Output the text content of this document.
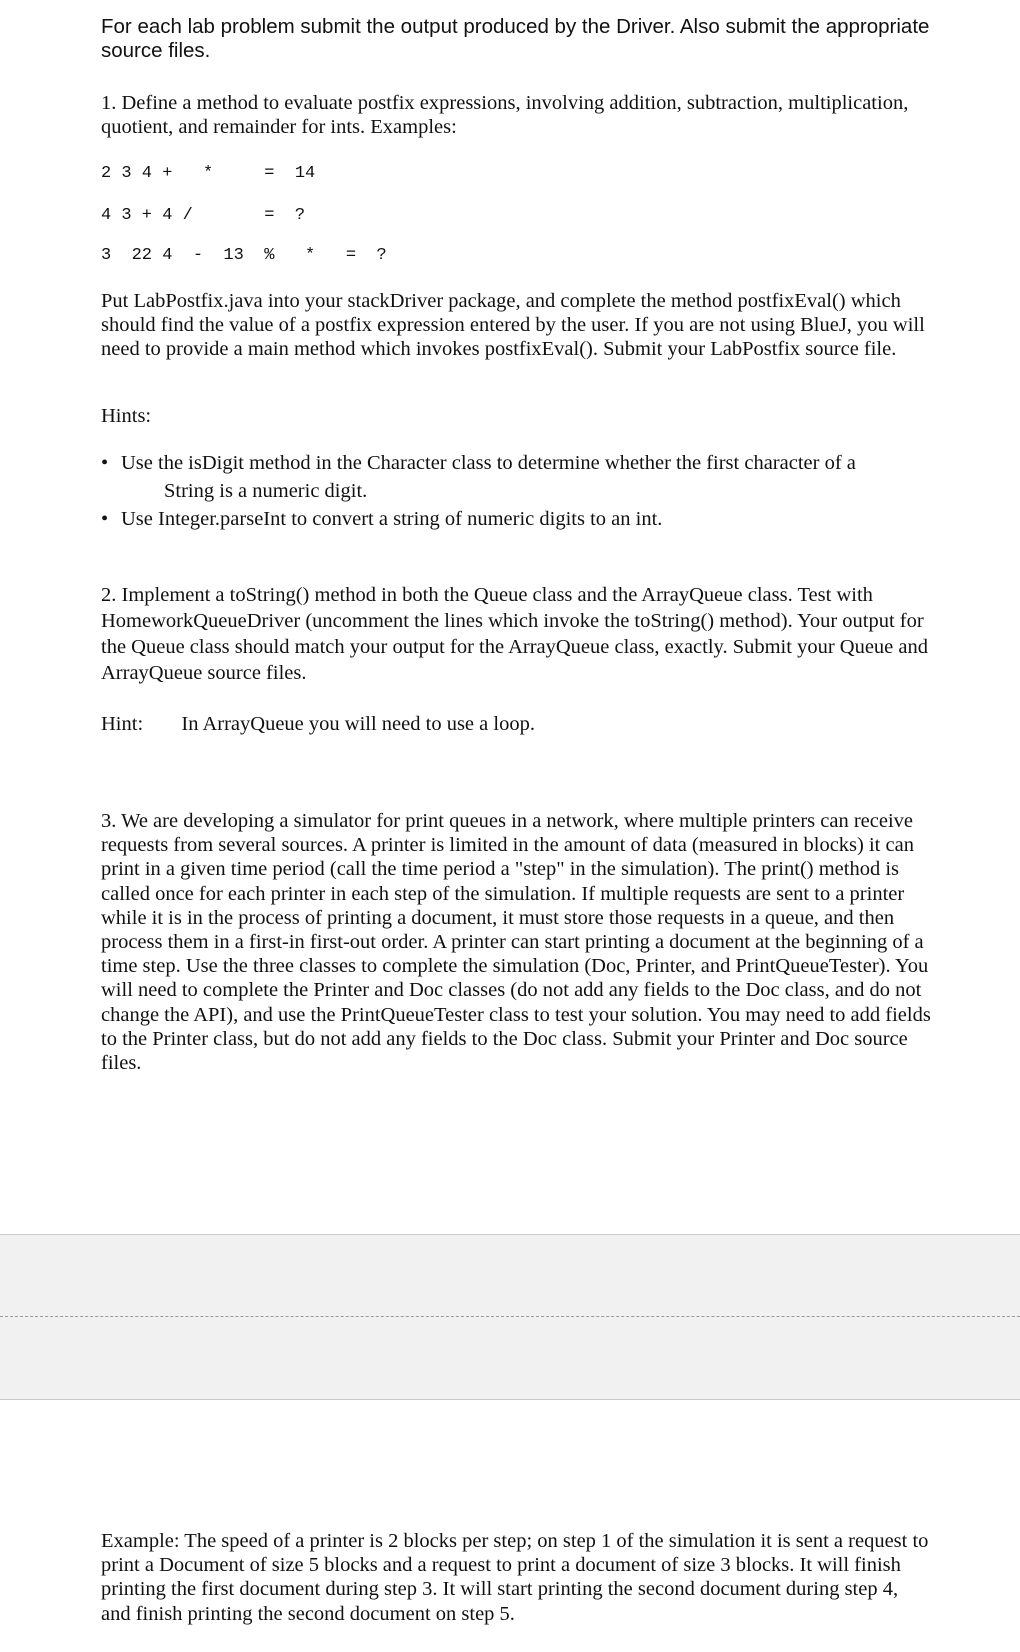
For each lab problem submit the output produced by the Driver. Also submit the appropriate source files.
1. Define a method to evaluate postfix expressions, involving addition, subtraction, multiplication, quotient, and remainder for ints. Examples:
2 3 4 +   *     =  14
4 3 + 4 /       =  ?
3  22 4  -  13  %   *   =  ?
Put LabPostfix.java into your stackDriver package, and complete the method postfixEval() which should find the value of a postfix expression entered by the user. If you are not using BlueJ, you will need to provide a main method which invokes postfixEval(). Submit your LabPostfix source file.
Hints:
• Use the isDigit method in the Character class to determine whether the first character of a
String is a numeric digit.
• Use Integer.parseInt to convert a string of numeric digits to an int.
2. Implement a toString() method in both the Queue class and the ArrayQueue class. Test with HomeworkQueueDriver (uncomment the lines which invoke the toString() method). Your output for the Queue class should match your output for the ArrayQueue class, exactly. Submit your Queue and ArrayQueue source files.
Hint: In ArrayQueue you will need to use a loop.
3. We are developing a simulator for print queues in a network, where multiple printers can receive requests from several sources. A printer is limited in the amount of data (measured in blocks) it can print in a given time period (call the time period a "step" in the simulation). The print() method is called once for each printer in each step of the simulation. If multiple requests are sent to a printer while it is in the process of printing a document, it must store those requests in a queue, and then process them in a first-in first-out order. A printer can start printing a document at the beginning of a time step. Use the three classes to complete the simulation (Doc, Printer, and PrintQueueTester). You will need to complete the Printer and Doc classes (do not add any fields to the Doc class, and do not change the API), and use the PrintQueueTester class to test your solution. You may need to add fields to the Printer class, but do not add any fields to the Doc class. Submit your Printer and Doc source files.
Example: The speed of a printer is 2 blocks per step; on step 1 of the simulation it is sent a request to print a Document of size 5 blocks and a request to print a document of size 3 blocks. It will finish printing the first document during step 3. It will start printing the second document during step 4, and finish printing the second document on step 5.
